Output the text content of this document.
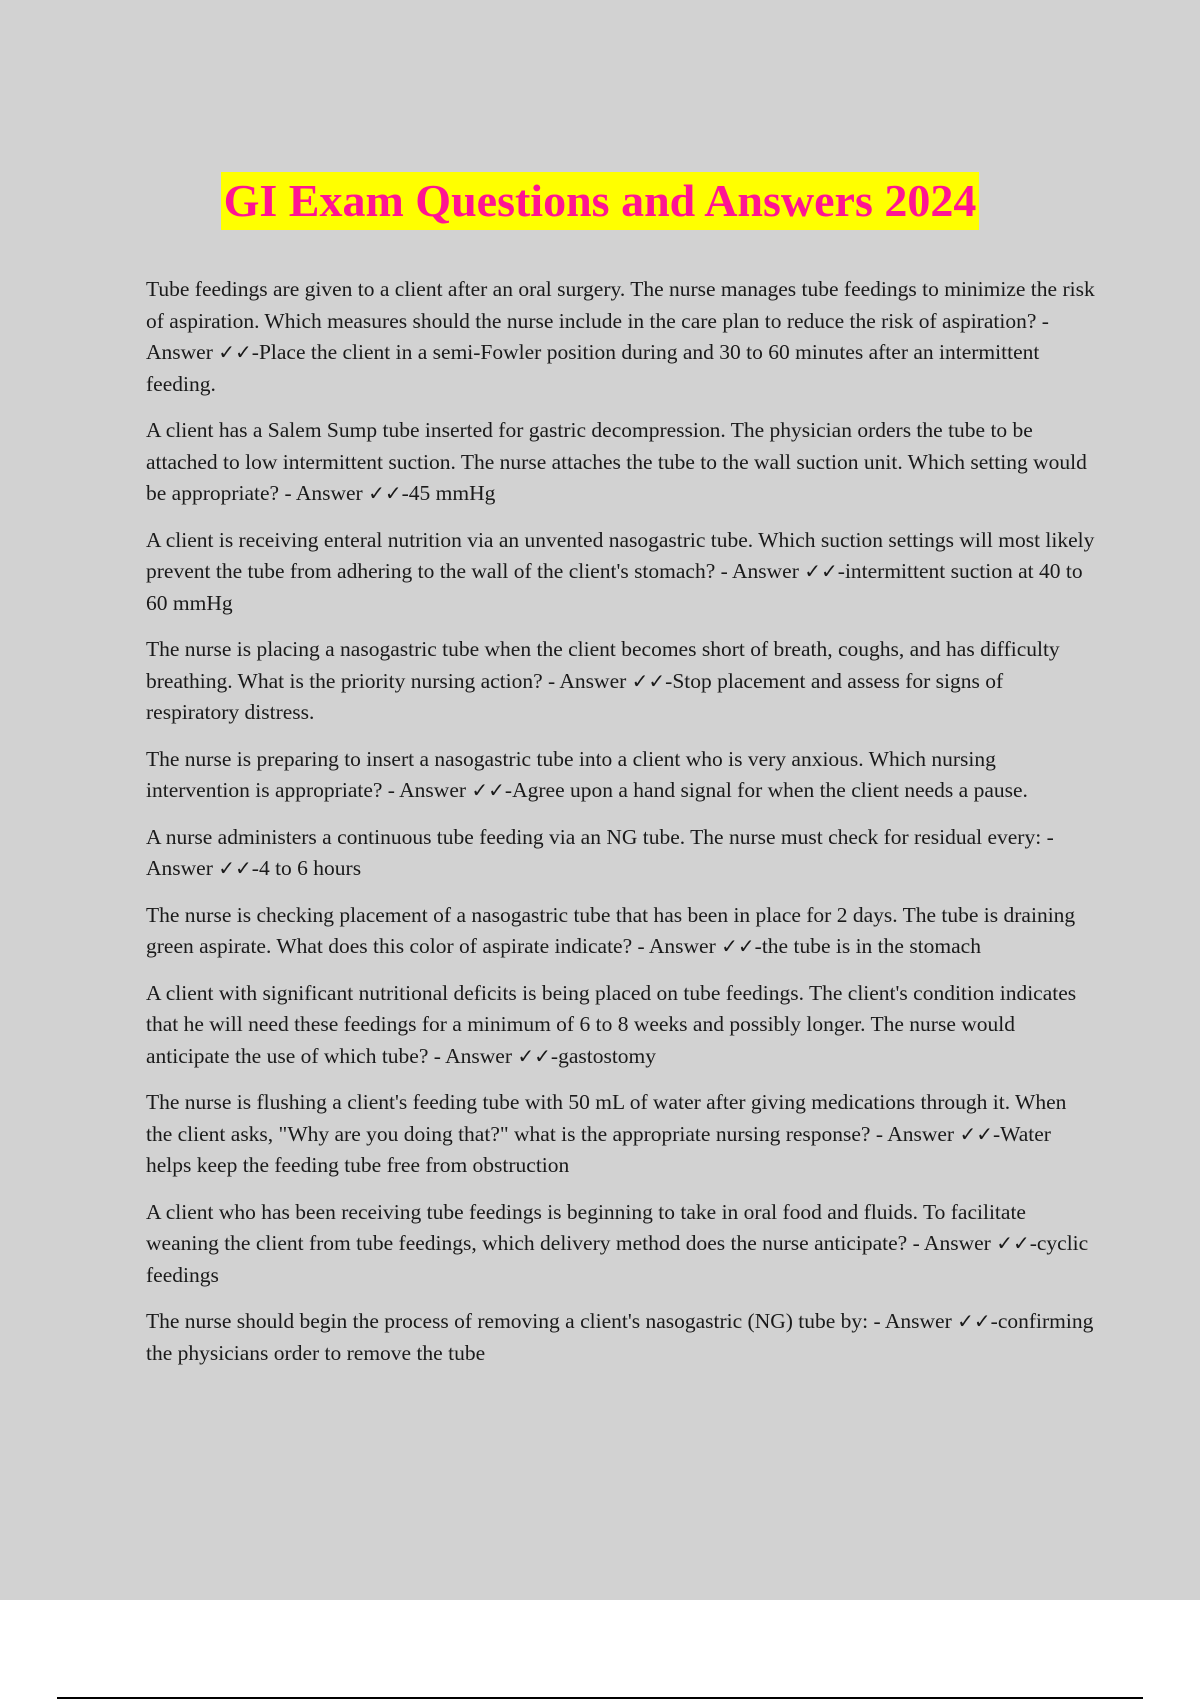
GI Exam Questions and Answers 2024

Tube feedings are given to a client after an oral surgery. The nurse manages tube feedings to minimize the risk of aspiration. Which measures should the nurse include in the care plan to reduce the risk of aspiration? - Answer ✓✓-Place the client in a semi-Fowler position during and 30 to 60 minutes after an intermittent feeding.

A client has a Salem Sump tube inserted for gastric decompression. The physician orders the tube to be attached to low intermittent suction. The nurse attaches the tube to the wall suction unit. Which setting would be appropriate? - Answer ✓✓-45 mmHg

A client is receiving enteral nutrition via an unvented nasogastric tube. Which suction settings will most likely prevent the tube from adhering to the wall of the client's stomach? - Answer ✓✓-intermittent suction at 40 to 60 mmHg

The nurse is placing a nasogastric tube when the client becomes short of breath, coughs, and has difficulty breathing. What is the priority nursing action? - Answer ✓✓-Stop placement and assess for signs of respiratory distress.

The nurse is preparing to insert a nasogastric tube into a client who is very anxious. Which nursing intervention is appropriate? - Answer ✓✓-Agree upon a hand signal for when the client needs a pause.

A nurse administers a continuous tube feeding via an NG tube. The nurse must check for residual every: - Answer ✓✓-4 to 6 hours

The nurse is checking placement of a nasogastric tube that has been in place for 2 days. The tube is draining green aspirate. What does this color of aspirate indicate? - Answer ✓✓-the tube is in the stomach

A client with significant nutritional deficits is being placed on tube feedings. The client's condition indicates that he will need these feedings for a minimum of 6 to 8 weeks and possibly longer. The nurse would anticipate the use of which tube? - Answer ✓✓-gastostomy

The nurse is flushing a client's feeding tube with 50 mL of water after giving medications through it. When the client asks, "Why are you doing that?" what is the appropriate nursing response? - Answer ✓✓-Water helps keep the feeding tube free from obstruction

A client who has been receiving tube feedings is beginning to take in oral food and fluids. To facilitate weaning the client from tube feedings, which delivery method does the nurse anticipate? - Answer ✓✓-cyclic feedings

The nurse should begin the process of removing a client's nasogastric (NG) tube by: - Answer ✓✓-confirming the physicians order to remove the tube
